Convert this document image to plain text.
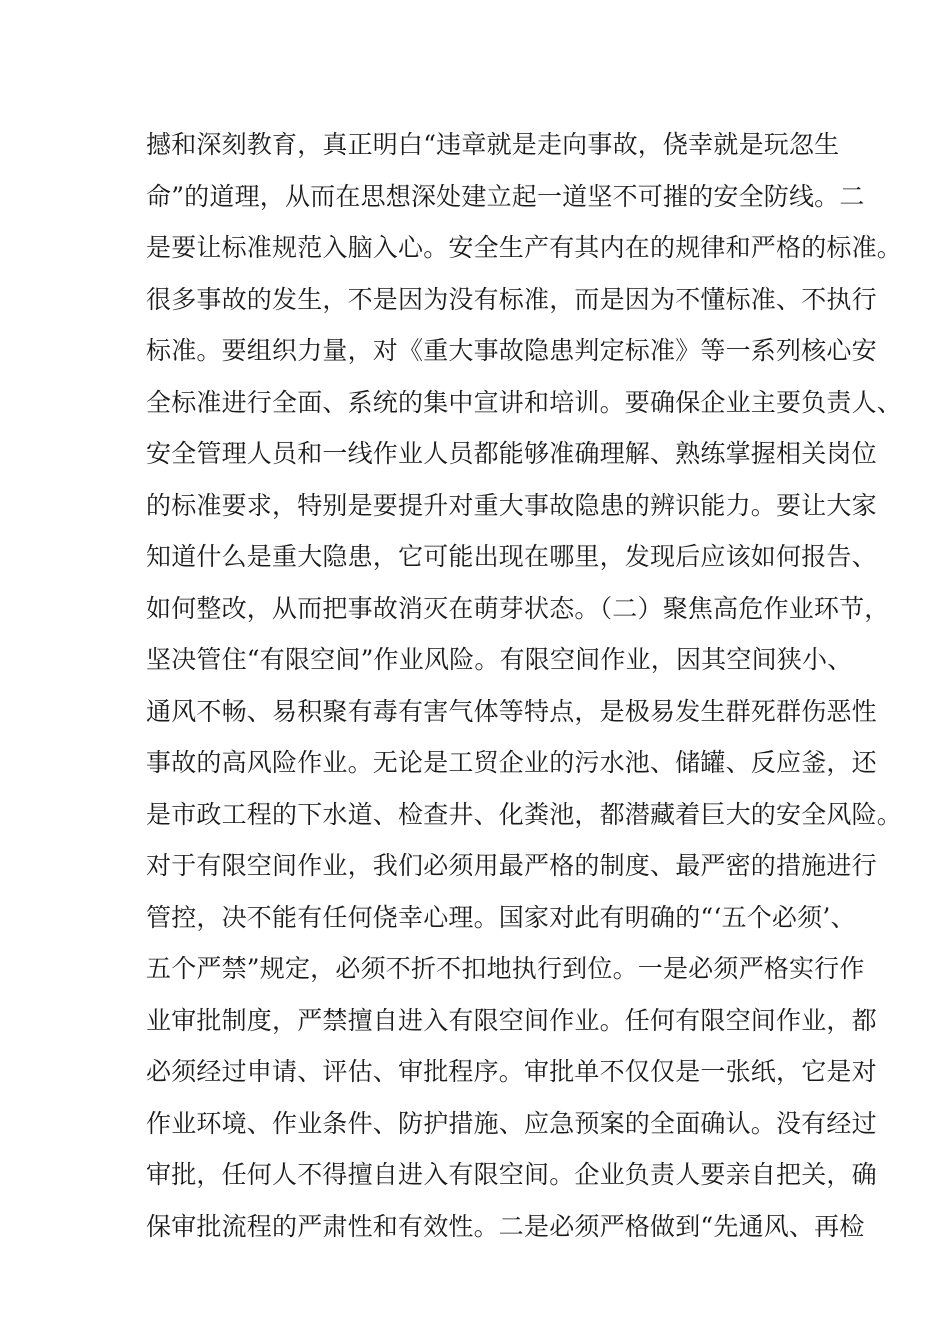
撼和深刻教育，真正明白“违章就是走向事故，侥幸就是玩忽生
命”的道理，从而在思想深处建立起一道坚不可摧的安全防线。二
是要让标准规范入脑入心。安全生产有其内在的规律和严格的标准。
很多事故的发生，不是因为没有标准，而是因为不懂标准、不执行
标准。要组织力量，对《重大事故隐患判定标准》等一系列核心安
全标准进行全面、系统的集中宣讲和培训。要确保企业主要负责人、
安全管理人员和一线作业人员都能够准确理解、熟练掌握相关岗位
的标准要求，特别是要提升对重大事故隐患的辨识能力。要让大家
知道什么是重大隐患，它可能出现在哪里，发现后应该如何报告、
如何整改，从而把事故消灭在萌芽状态。（二）聚焦高危作业环节，
坚决管住“有限空间”作业风险。有限空间作业，因其空间狭小、
通风不畅、易积聚有毒有害气体等特点，是极易发生群死群伤恶性
事故的高风险作业。无论是工贸企业的污水池、储罐、反应釜，还
是市政工程的下水道、检查井、化粪池，都潜藏着巨大的安全风险。
对于有限空间作业，我们必须用最严格的制度、最严密的措施进行
管控，决不能有任何侥幸心理。国家对此有明确的“‘五个必须’、
五个严禁”规定，必须不折不扣地执行到位。一是必须严格实行作
业审批制度，严禁擅自进入有限空间作业。任何有限空间作业，都
必须经过申请、评估、审批程序。审批单不仅仅是一张纸，它是对
作业环境、作业条件、防护措施、应急预案的全面确认。没有经过
审批，任何人不得擅自进入有限空间。企业负责人要亲自把关，确
保审批流程的严肃性和有效性。二是必须严格做到“先通风、再检
